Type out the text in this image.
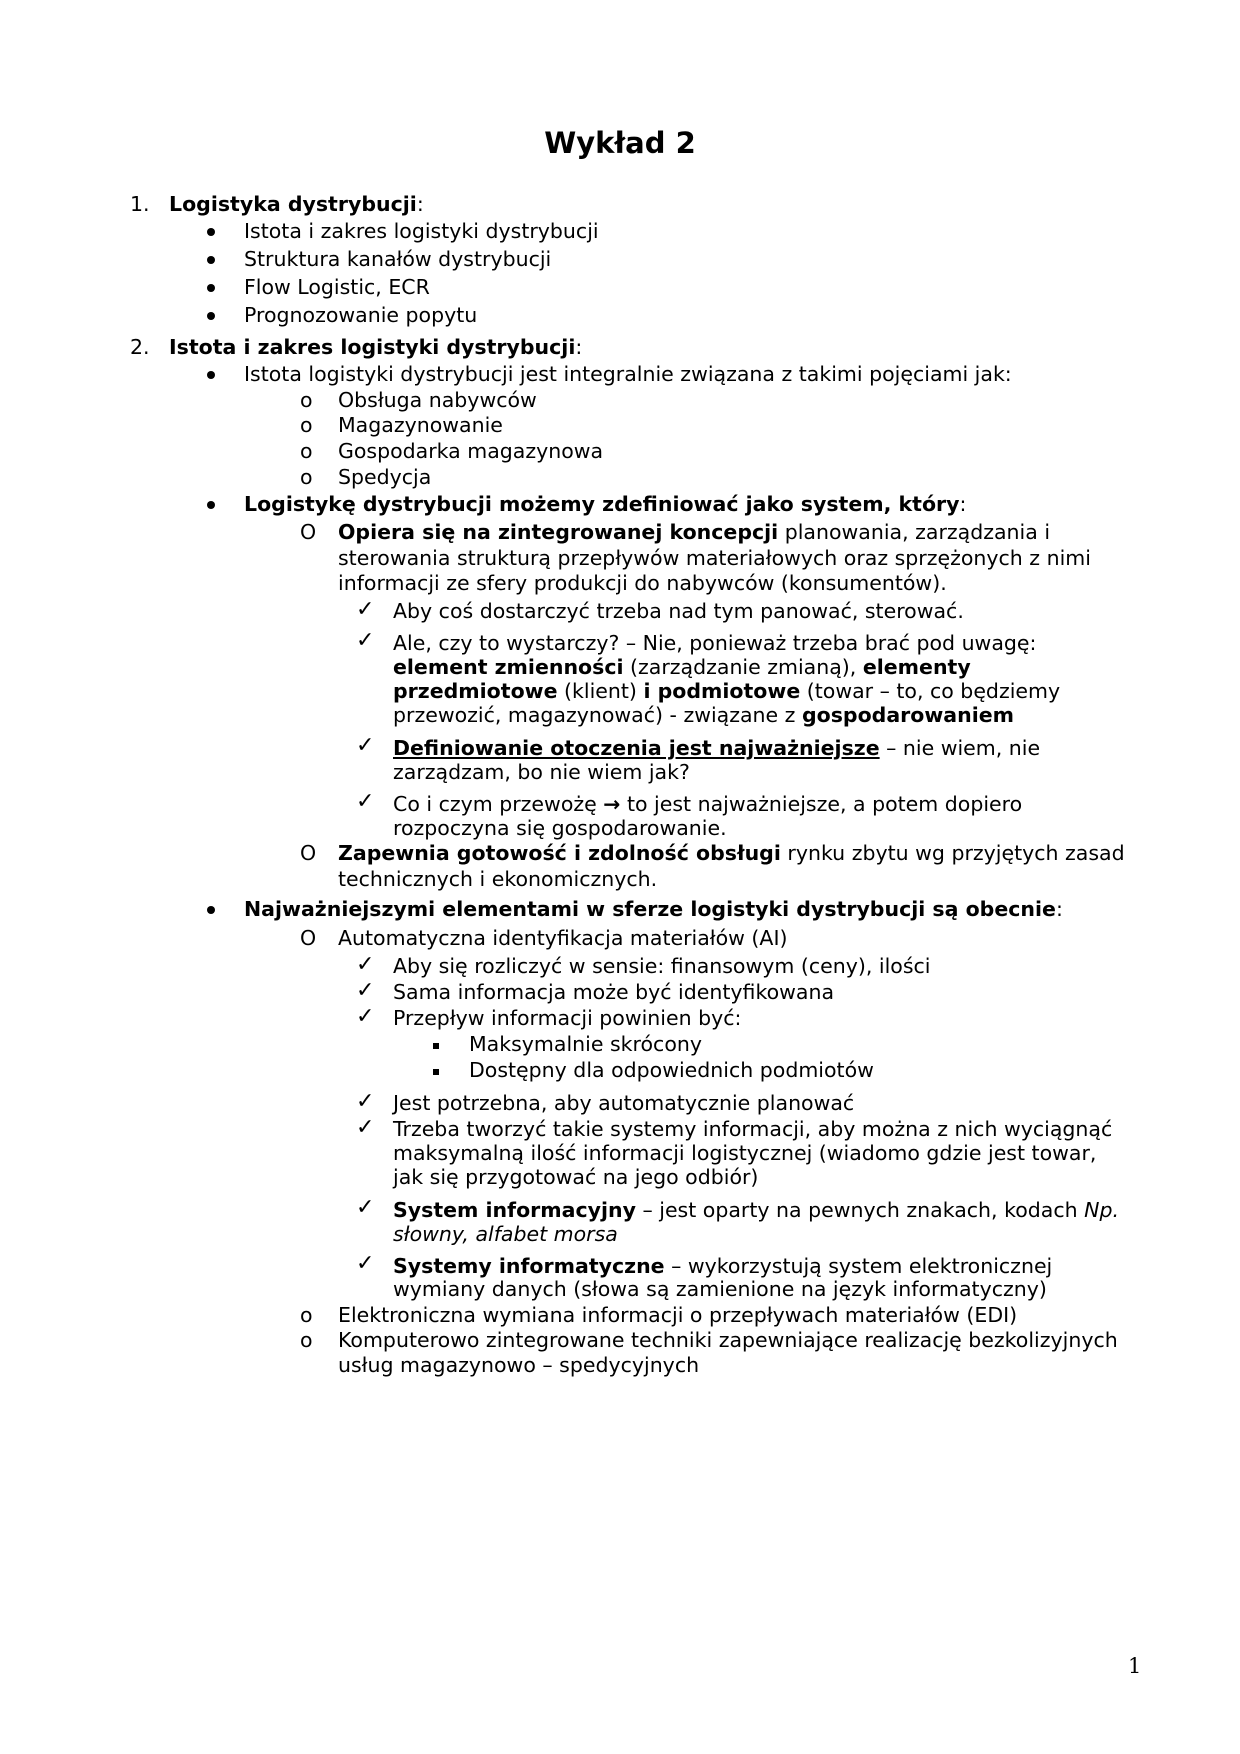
Wykład 2
1. Logistyka dystrybucji:
Istota i zakres logistyki dystrybucji
Struktura kanałów dystrybucji
Flow Logistic, ECR
Prognozowanie popytu
2. Istota i zakres logistyki dystrybucji:
Istota logistyki dystrybucji jest integralnie związana z takimi pojęciami jak:
o Obsługa nabywców
o Magazynowanie
o Gospodarka magazynowa
o Spedycja
Logistykę dystrybucji możemy zdefiniować jako system, który:
O Opiera się na zintegrowanej koncepcji planowania, zarządzania i
sterowania strukturą przepływów materiałowych oraz sprzężonych z nimi
informacji ze sfery produkcji do nabywców (konsumentów).
✓ Aby coś dostarczyć trzeba nad tym panować, sterować.
✓ Ale, czy to wystarczy? – Nie, ponieważ trzeba brać pod uwagę:
element zmienności (zarządzanie zmianą), elementy
przedmiotowe (klient) i podmiotowe (towar – to, co będziemy
przewozić, magazynować) - związane z gospodarowaniem
✓ Definiowanie otoczenia jest najważniejsze – nie wiem, nie
zarządzam, bo nie wiem jak?
✓ Co i czym przewożę → to jest najważniejsze, a potem dopiero
rozpoczyna się gospodarowanie.
O Zapewnia gotowość i zdolność obsługi rynku zbytu wg przyjętych zasad
technicznych i ekonomicznych.
Najważniejszymi elementami w sferze logistyki dystrybucji są obecnie:
O Automatyczna identyfikacja materiałów (AI)
✓ Aby się rozliczyć w sensie: finansowym (ceny), ilości
✓ Sama informacja może być identyfikowana
✓ Przepływ informacji powinien być:
Maksymalnie skrócony
Dostępny dla odpowiednich podmiotów
✓ Jest potrzebna, aby automatycznie planować
✓ Trzeba tworzyć takie systemy informacji, aby można z nich wyciągnąć
maksymalną ilość informacji logistycznej (wiadomo gdzie jest towar,
jak się przygotować na jego odbiór)
✓ System informacyjny – jest oparty na pewnych znakach, kodach Np.
słowny, alfabet morsa
✓ Systemy informatyczne – wykorzystują system elektronicznej
wymiany danych (słowa są zamienione na język informatyczny)
o Elektroniczna wymiana informacji o przepływach materiałów (EDI)
o Komputerowo zintegrowane techniki zapewniające realizację bezkolizyjnych
usług magazynowo – spedycyjnych
1
